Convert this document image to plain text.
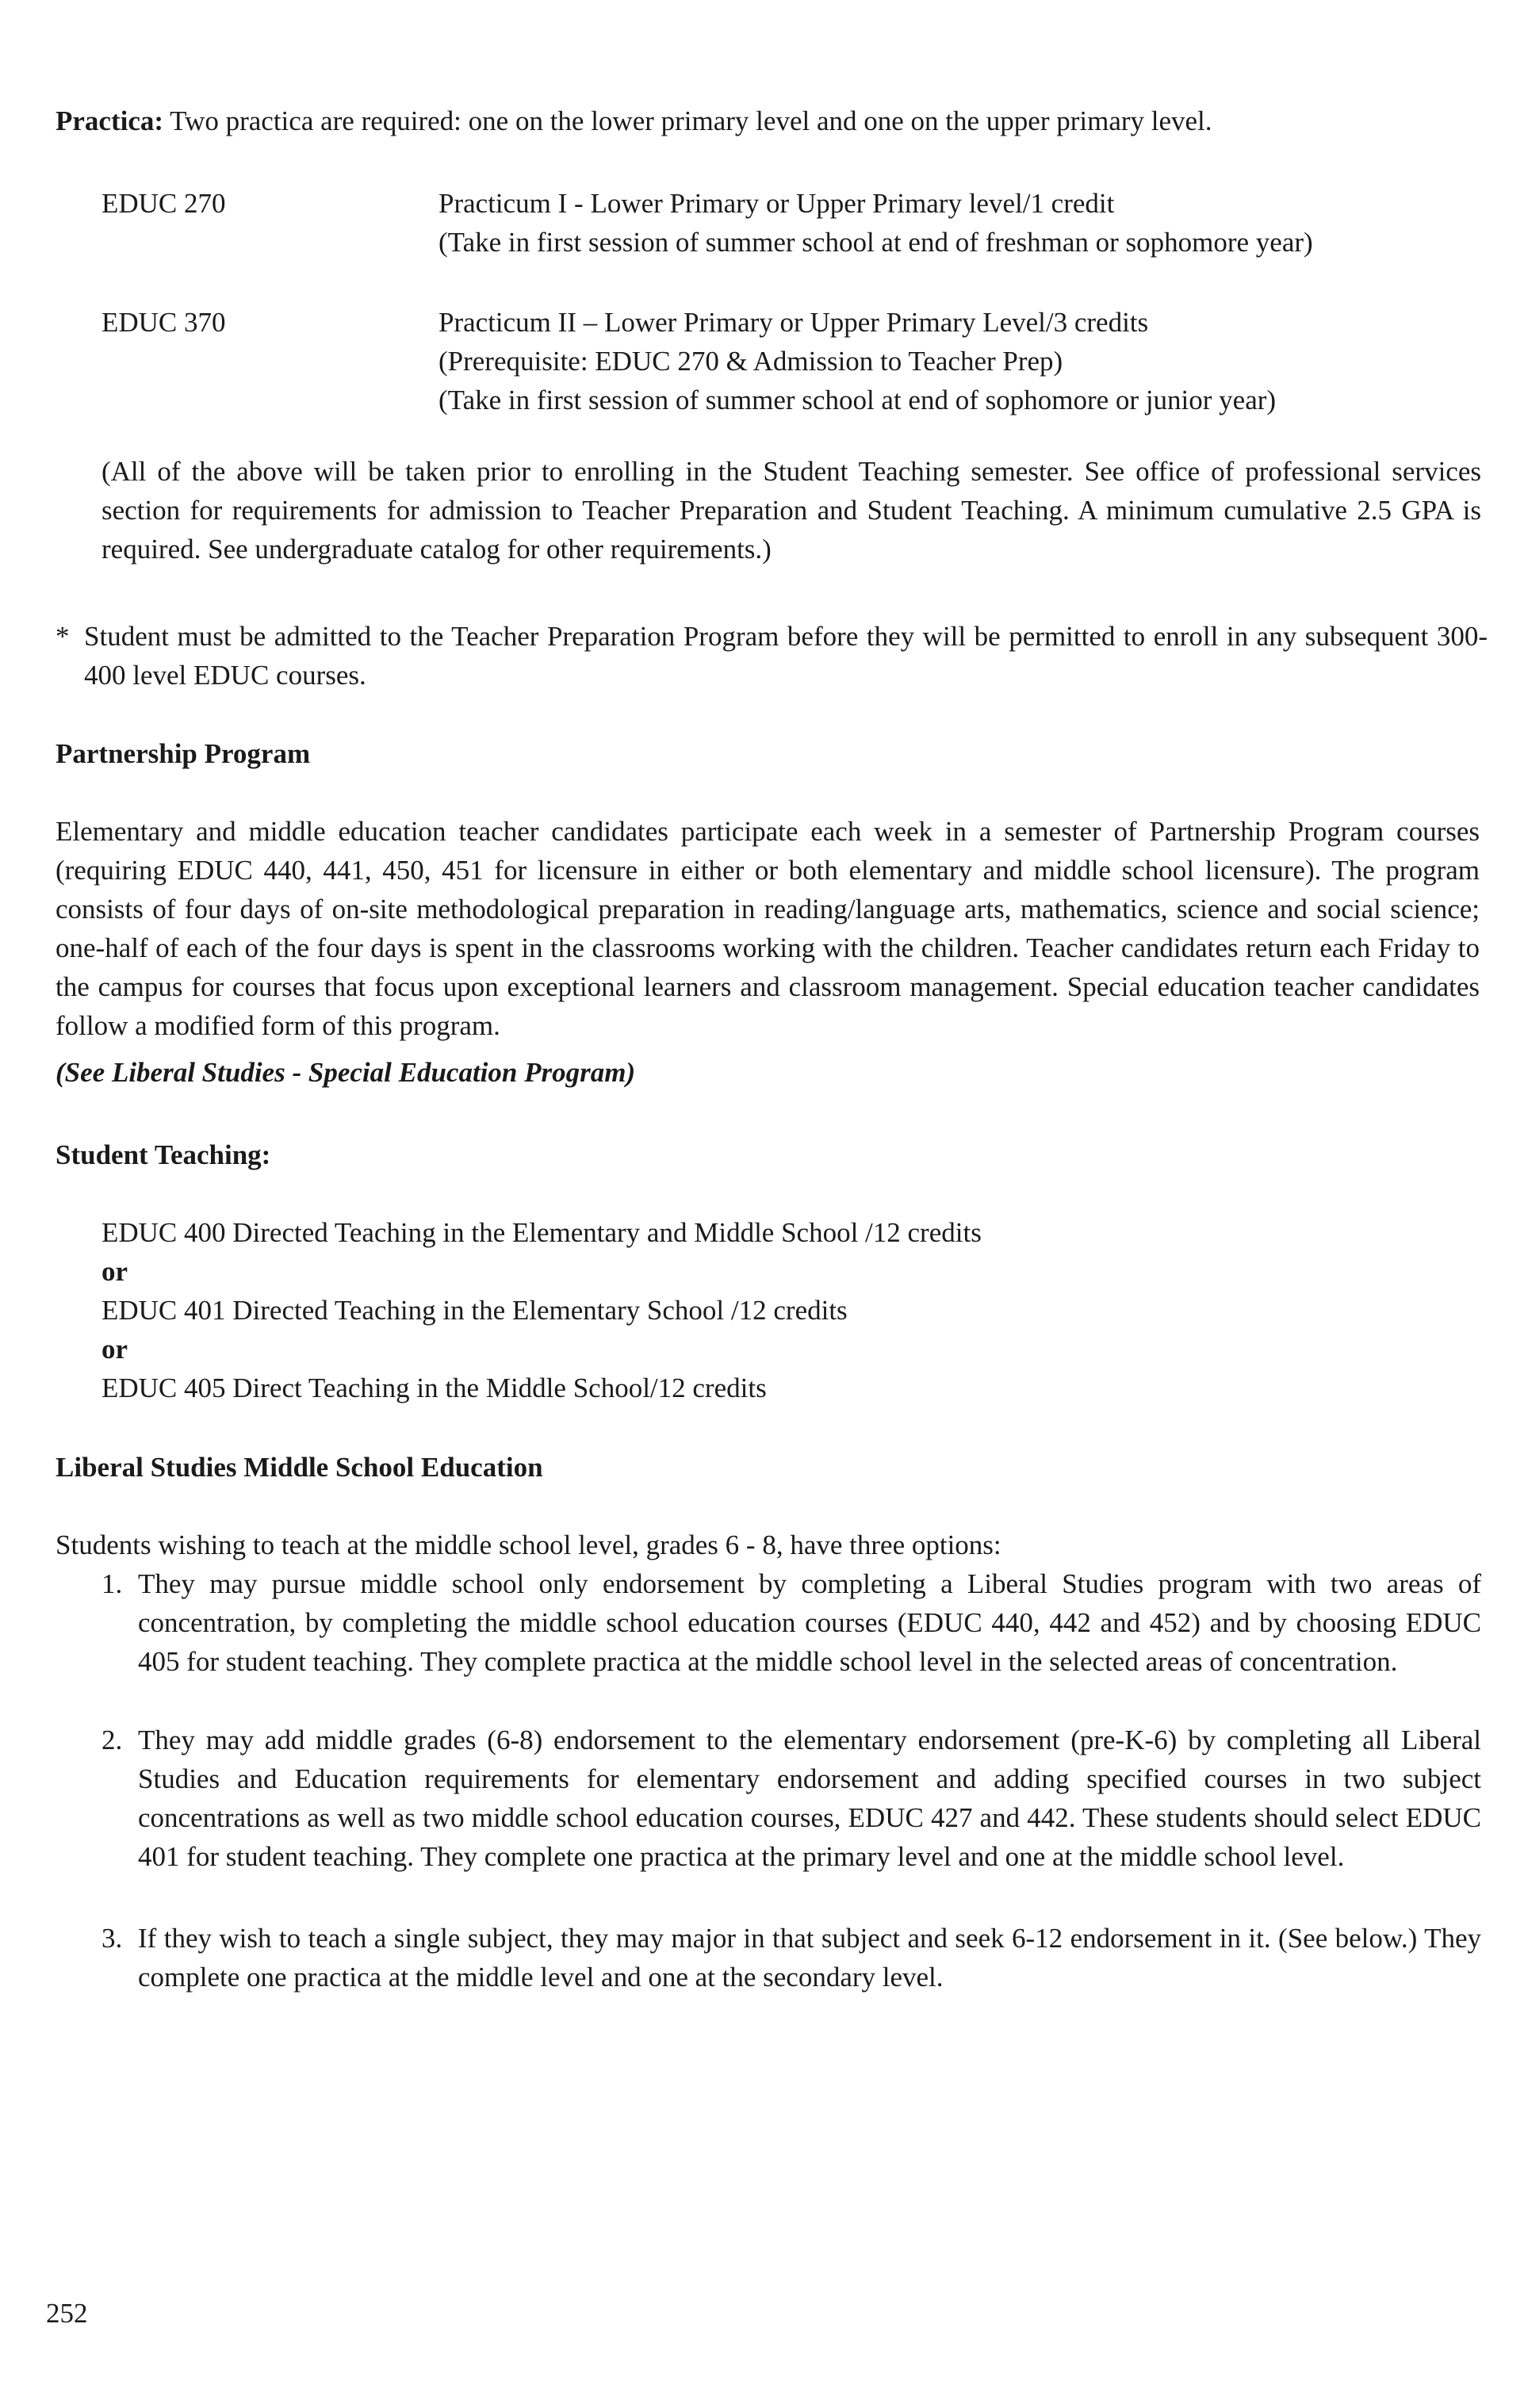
Practica: Two practica are required: one on the lower primary level and one on the upper primary level.
EDUC 270	Practicum I - Lower Primary or Upper Primary level/1 credit
(Take in first session of summer school at end of freshman or sophomore year)
EDUC 370	Practicum II – Lower Primary or Upper Primary Level/3 credits
(Prerequisite: EDUC 270 & Admission to Teacher Prep)
(Take in first session of summer school at end of sophomore or junior year)
(All of the above will be taken prior to enrolling in the Student Teaching semester. See office of professional services section for requirements for admission to Teacher Preparation and Student Teaching. A minimum cumulative 2.5 GPA is required. See undergraduate catalog for other requirements.)
* Student must be admitted to the Teacher Preparation Program before they will be permitted to enroll in any subsequent 300-400 level EDUC courses.
Partnership Program
Elementary and middle education teacher candidates participate each week in a semester of Partnership Program courses (requiring EDUC 440, 441, 450, 451 for licensure in either or both elementary and middle school licensure). The program consists of four days of on-site methodological preparation in reading/language arts, mathematics, science and social science; one-half of each of the four days is spent in the classrooms working with the children. Teacher candidates return each Friday to the campus for courses that focus upon exceptional learners and classroom management. Special education teacher candidates follow a modified form of this program.
(See Liberal Studies - Special Education Program)
Student Teaching:
EDUC 400 Directed Teaching in the Elementary and Middle School /12 credits
or
EDUC 401 Directed Teaching in the Elementary School /12 credits
or
EDUC 405 Direct Teaching in the Middle School/12 credits
Liberal Studies Middle School Education
Students wishing to teach at the middle school level, grades 6 - 8, have three options:
1. They may pursue middle school only endorsement by completing a Liberal Studies program with two areas of concentration, by completing the middle school education courses (EDUC 440, 442 and 452) and by choosing EDUC 405 for student teaching. They complete practica at the middle school level in the selected areas of concentration.
2. They may add middle grades (6-8) endorsement to the elementary endorsement (pre-K-6) by completing all Liberal Studies and Education requirements for elementary endorsement and adding specified courses in two subject concentrations as well as two middle school education courses, EDUC 427 and 442. These students should select EDUC 401 for student teaching. They complete one practica at the primary level and one at the middle school level.
3. If they wish to teach a single subject, they may major in that subject and seek 6-12 endorsement in it. (See below.) They complete one practica at the middle level and one at the secondary level.
252
